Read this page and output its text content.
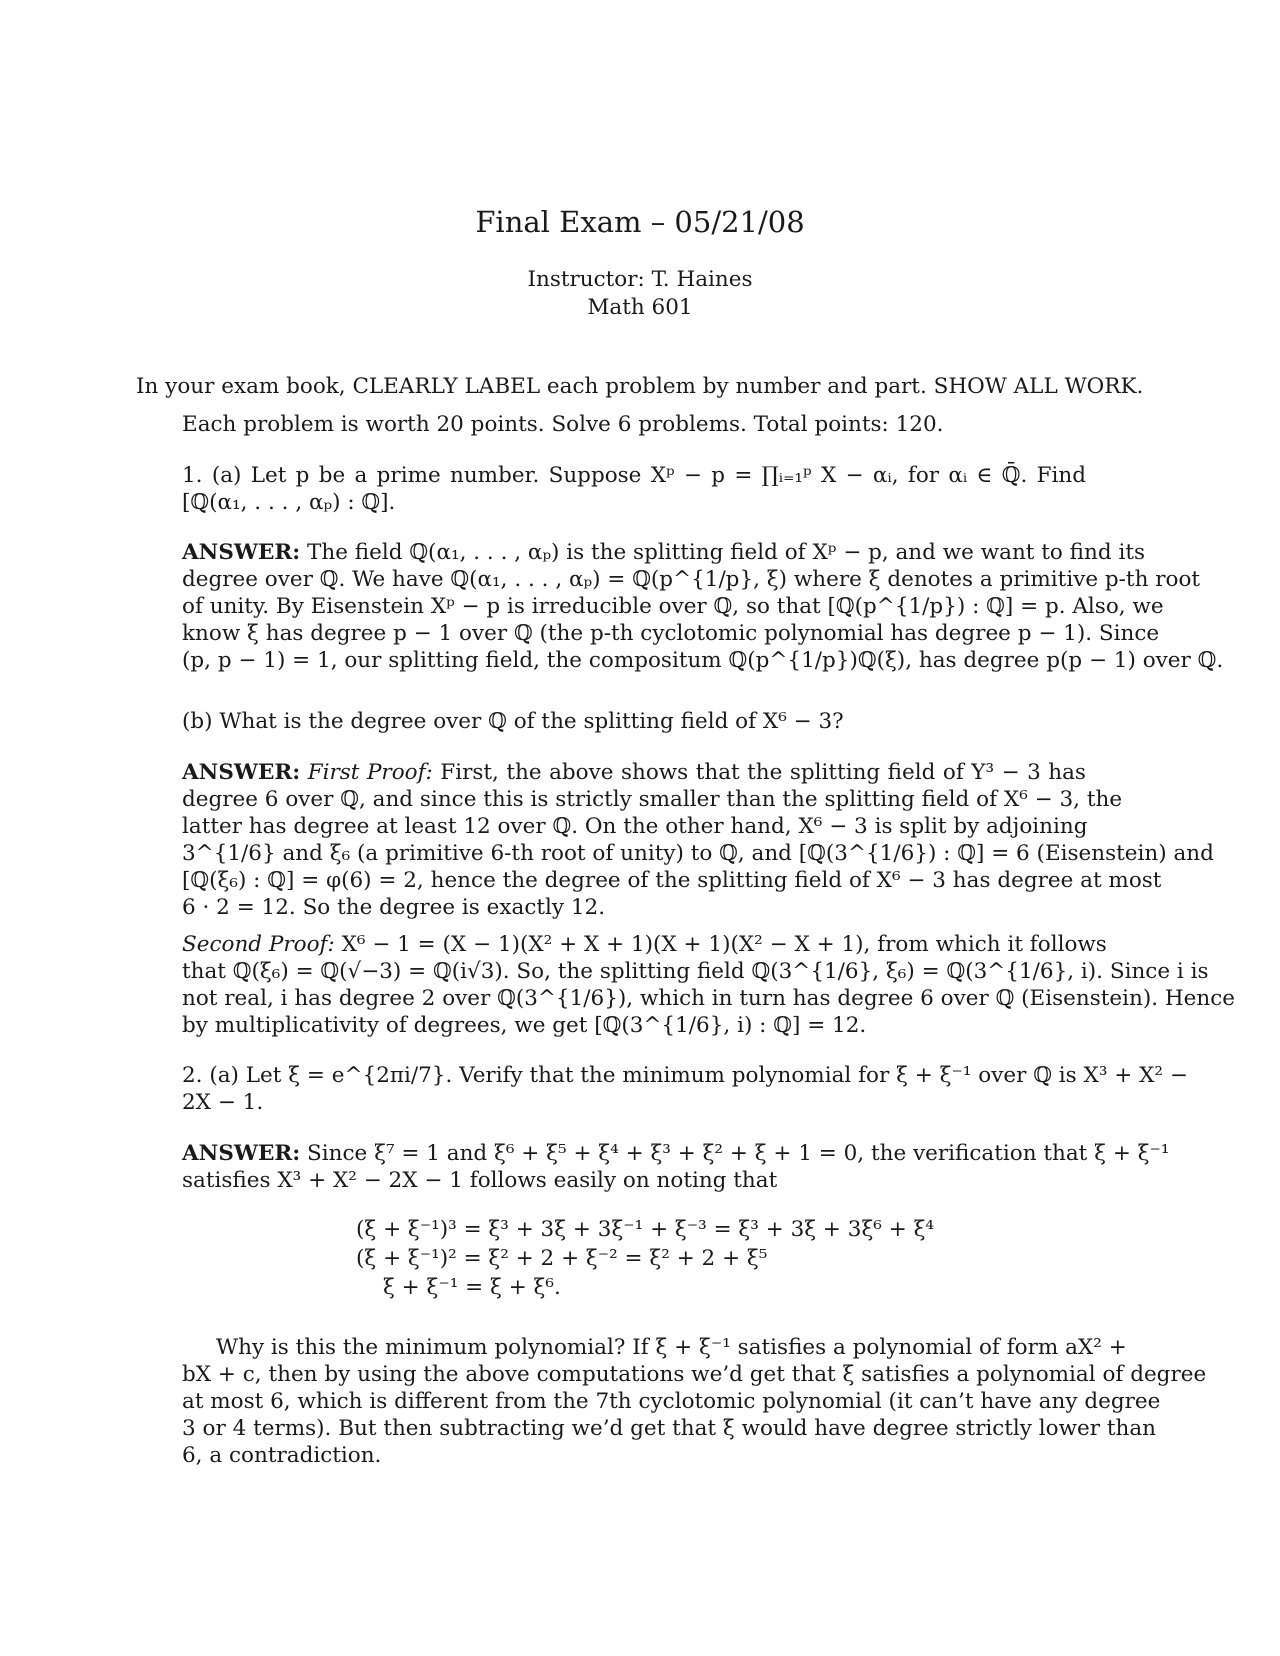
Final Exam – 05/21/08
Instructor: T. Haines
Math 601
In your exam book, CLEARLY LABEL each problem by number and part. SHOW ALL WORK.
Each problem is worth 20 points. Solve 6 problems. Total points: 120.
1. (a) Let p be a prime number. Suppose Xᵖ − p = ∏ᵢ₌₁ᵖ X − αᵢ, for αᵢ ∈ ℚ̄. Find
[ℚ(α₁, . . . , αₚ) : ℚ].
ANSWER: The field ℚ(α₁, . . . , αₚ) is the splitting field of Xᵖ − p, and we want to find its
degree over ℚ. We have ℚ(α₁, . . . , αₚ) = ℚ(p^{1/p}, ξ) where ξ denotes a primitive p-th root
of unity. By Eisenstein Xᵖ − p is irreducible over ℚ, so that [ℚ(p^{1/p}) : ℚ] = p. Also, we
know ξ has degree p − 1 over ℚ (the p-th cyclotomic polynomial has degree p − 1). Since
(p, p − 1) = 1, our splitting field, the compositum ℚ(p^{1/p})ℚ(ξ), has degree p(p − 1) over ℚ.
(b) What is the degree over ℚ of the splitting field of X⁶ − 3?
ANSWER: First Proof: First, the above shows that the splitting field of Y³ − 3 has
degree 6 over ℚ, and since this is strictly smaller than the splitting field of X⁶ − 3, the
latter has degree at least 12 over ℚ. On the other hand, X⁶ − 3 is split by adjoining
3^{1/6} and ξ₆ (a primitive 6-th root of unity) to ℚ, and [ℚ(3^{1/6}) : ℚ] = 6 (Eisenstein) and
[ℚ(ξ₆) : ℚ] = φ(6) = 2, hence the degree of the splitting field of X⁶ − 3 has degree at most
6 · 2 = 12. So the degree is exactly 12.
Second Proof: X⁶ − 1 = (X − 1)(X² + X + 1)(X + 1)(X² − X + 1), from which it follows
that ℚ(ξ₆) = ℚ(√−3) = ℚ(i√3). So, the splitting field ℚ(3^{1/6}, ξ₆) = ℚ(3^{1/6}, i). Since i is
not real, i has degree 2 over ℚ(3^{1/6}), which in turn has degree 6 over ℚ (Eisenstein). Hence
by multiplicativity of degrees, we get [ℚ(3^{1/6}, i) : ℚ] = 12.
2. (a) Let ξ = e^{2πi/7}. Verify that the minimum polynomial for ξ + ξ⁻¹ over ℚ is X³ + X² −
2X − 1.
ANSWER: Since ξ⁷ = 1 and ξ⁶ + ξ⁵ + ξ⁴ + ξ³ + ξ² + ξ + 1 = 0, the verification that ξ + ξ⁻¹
satisfies X³ + X² − 2X − 1 follows easily on noting that
(ξ + ξ⁻¹)³ = ξ³ + 3ξ + 3ξ⁻¹ + ξ⁻³ = ξ³ + 3ξ + 3ξ⁶ + ξ⁴
(ξ + ξ⁻¹)² = ξ² + 2 + ξ⁻² = ξ² + 2 + ξ⁵
ξ + ξ⁻¹ = ξ + ξ⁶.
Why is this the minimum polynomial? If ξ + ξ⁻¹ satisfies a polynomial of form aX² +
bX + c, then by using the above computations we’d get that ξ satisfies a polynomial of degree
at most 6, which is different from the 7th cyclotomic polynomial (it can’t have any degree
3 or 4 terms). But then subtracting we’d get that ξ would have degree strictly lower than
6, a contradiction.
